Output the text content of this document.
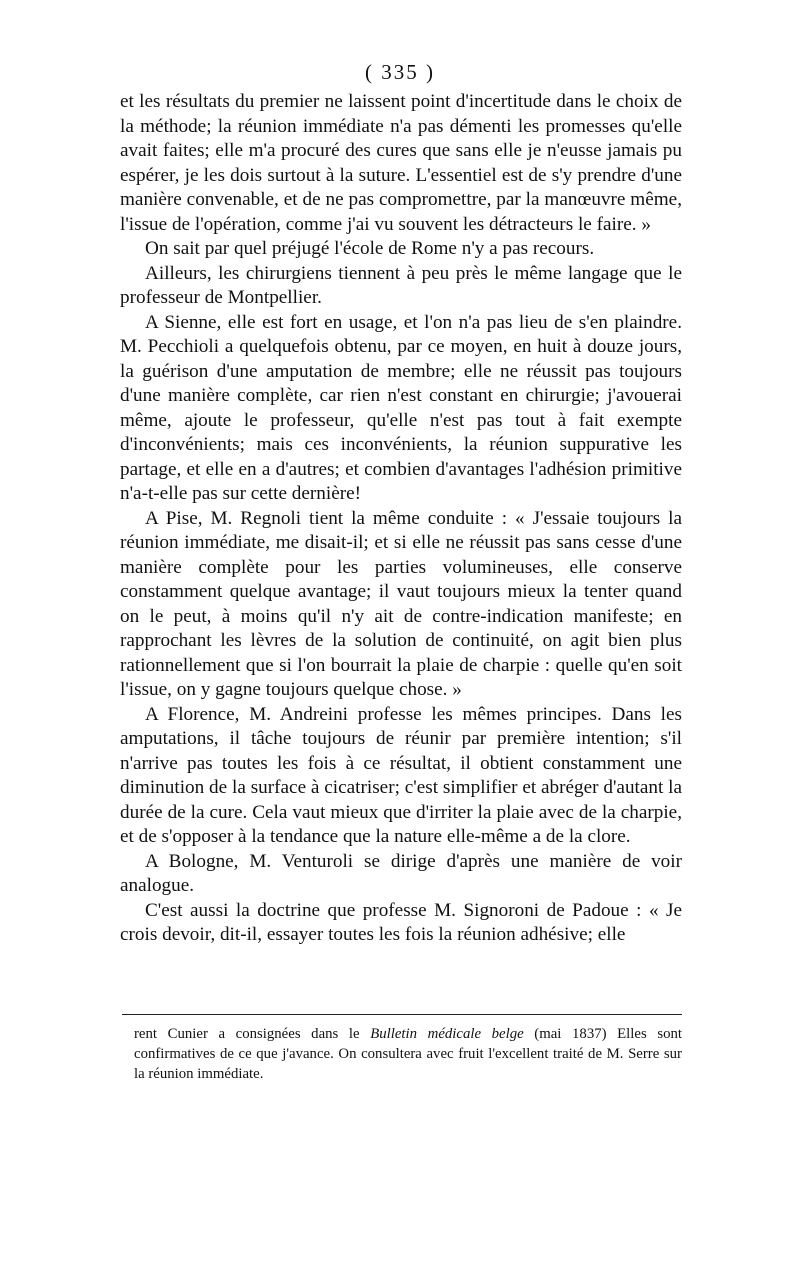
( 335 )

et les résultats du premier ne laissent point d'incertitude dans le choix de la méthode; la réunion immédiate n'a pas démenti les promesses qu'elle avait faites; elle m'a procuré des cures que sans elle je n'eusse jamais pu espérer, je les dois surtout à la suture. L'essentiel est de s'y prendre d'une manière convenable, et de ne pas compromettre, par la manœuvre même, l'issue de l'opération, comme j'ai vu souvent les détracteurs le faire. »

On sait par quel préjugé l'école de Rome n'y a pas recours.

Ailleurs, les chirurgiens tiennent à peu près le même langage que le professeur de Montpellier.

A Sienne, elle est fort en usage, et l'on n'a pas lieu de s'en plaindre. M. Pecchioli a quelquefois obtenu, par ce moyen, en huit à douze jours, la guérison d'une amputation de membre; elle ne réussit pas toujours d'une manière complète, car rien n'est constant en chirurgie; j'avouerai même, ajoute le professeur, qu'elle n'est pas tout à fait exempte d'inconvénients; mais ces inconvénients, la réunion suppurative les partage, et elle en a d'autres; et combien d'avantages l'adhésion primitive n'a-t-elle pas sur cette dernière!

A Pise, M. Regnoli tient la même conduite : « J'essaie toujours la réunion immédiate, me disait-il; et si elle ne réussit pas sans cesse d'une manière complète pour les parties volumineuses, elle conserve constamment quelque avantage; il vaut toujours mieux la tenter quand on le peut, à moins qu'il n'y ait de contre-indication manifeste; en rapprochant les lèvres de la solution de continuité, on agit bien plus rationnellement que si l'on bourrait la plaie de charpie : quelle qu'en soit l'issue, on y gagne toujours quelque chose. »

A Florence, M. Andreini professe les mêmes principes. Dans les amputations, il tâche toujours de réunir par première intention; s'il n'arrive pas toutes les fois à ce résultat, il obtient constamment une diminution de la surface à cicatriser; c'est simplifier et abréger d'autant la durée de la cure. Cela vaut mieux que d'irriter la plaie avec de la charpie, et de s'opposer à la tendance que la nature elle-même a de la clore.

A Bologne, M. Venturoli se dirige d'après une manière de voir analogue.

C'est aussi la doctrine que professe M. Signoroni de Padoue : « Je crois devoir, dit-il, essayer toutes les fois la réunion adhésive; elle

rent Cunier a consignées dans le Bulletin médicale belge (mai 1837) Elles sont confirmatives de ce que j'avance. On consultera avec fruit l'excellent traité de M. Serre sur la réunion immédiate.
